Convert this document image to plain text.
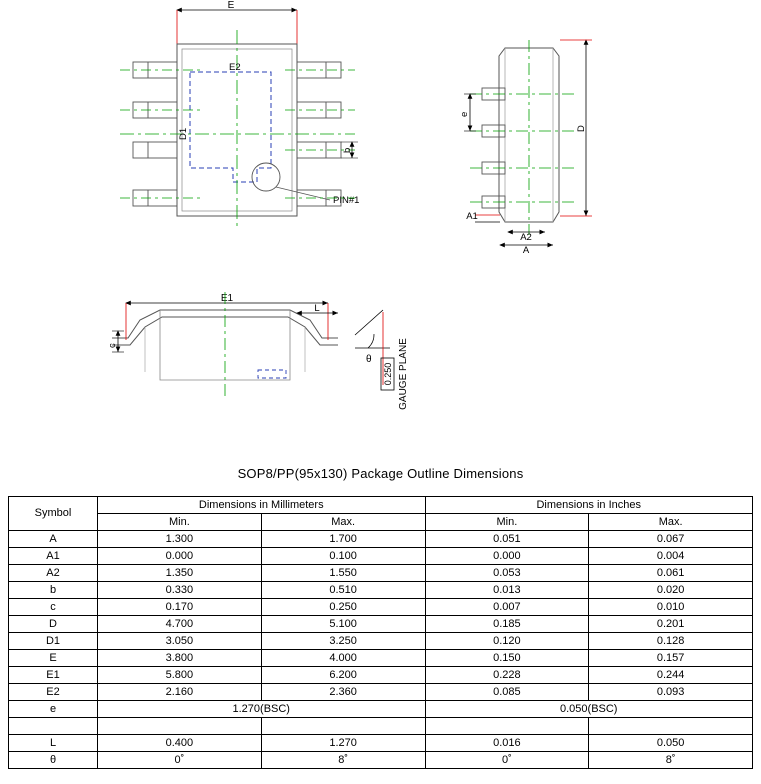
E
PIN#1
E2
D1
b
D
e
A1
A2
A
E1
L
c
θ
0.250 GAUGE PLANE
SOP8/PP(95x130) Package Outline Dimensions
Symbol	Dimensions in Millimeters		Dimensions in Inches	
	Min.	Max.	Min.	Max.
A	1.300	1.700	0.051	0.067
A1	0.000	0.100	0.000	0.004
A2	1.350	1.550	0.053	0.061
b	0.330	0.510	0.013	0.020
c	0.170	0.250	0.007	0.010
D	4.700	5.100	0.185	0.201
D1	3.050	3.250	0.120	0.128
E	3.800	4.000	0.150	0.157
E1	5.800	6.200	0.228	0.244
E2	2.160	2.360	0.085	0.093
e	1.270(BSC)		0.050(BSC)	

L	0.400	1.270	0.016	0.050
θ	0˚	8˚	0˚	8˚
